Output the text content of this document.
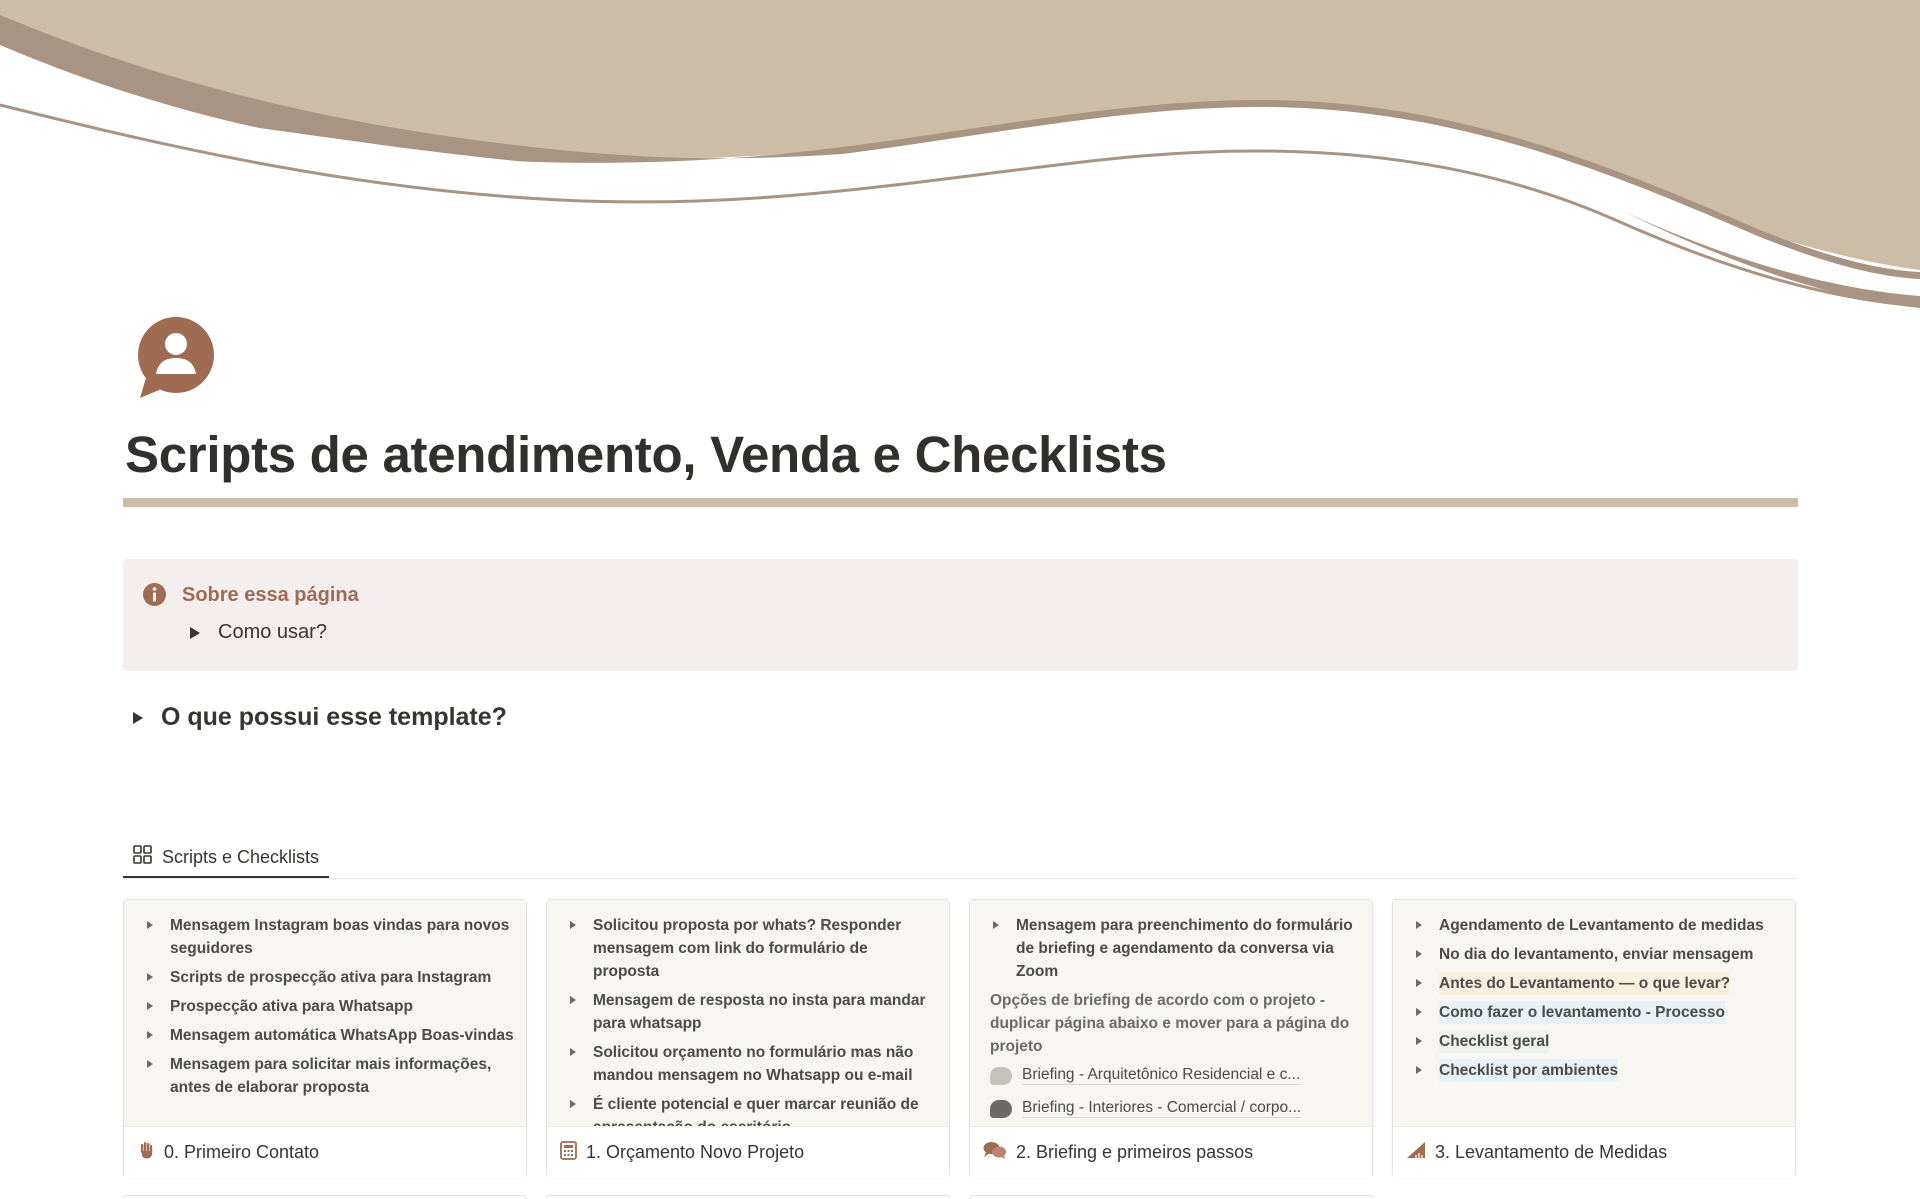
Scripts de atendimento, Venda e Checklists
Sobre essa página
Como usar?
O que possui esse template?
Scripts e Checklists
Mensagem Instagram boas vindas para novos seguidores
Scripts de prospecção ativa para Instagram
Prospecção ativa para Whatsapp
Mensagem automática WhatsApp Boas-vindas
Mensagem para solicitar mais informações, antes de elaborar proposta
0. Primeiro Contato
Solicitou proposta por whats? Responder mensagem com link do formulário de proposta
Mensagem de resposta no insta para mandar para whatsapp
Solicitou orçamento no formulário mas não mandou mensagem no Whatsapp ou e-mail
É cliente potencial e quer marcar reunião de
1. Orçamento Novo Projeto
Mensagem para preenchimento do formulário de briefing e agendamento da conversa via Zoom
Opções de briefing de acordo com o projeto - duplicar página abaixo e mover para a página do projeto
Briefing - Arquitetônico Residencial e c...
Briefing - Interiores - Comercial / corpo...
2. Briefing e primeiros passos
Agendamento de Levantamento de medidas
No dia do levantamento, enviar mensagem
Antes do Levantamento — o que levar?
Como fazer o levantamento - Processo
Checklist geral
Checklist por ambientes
3. Levantamento de Medidas
